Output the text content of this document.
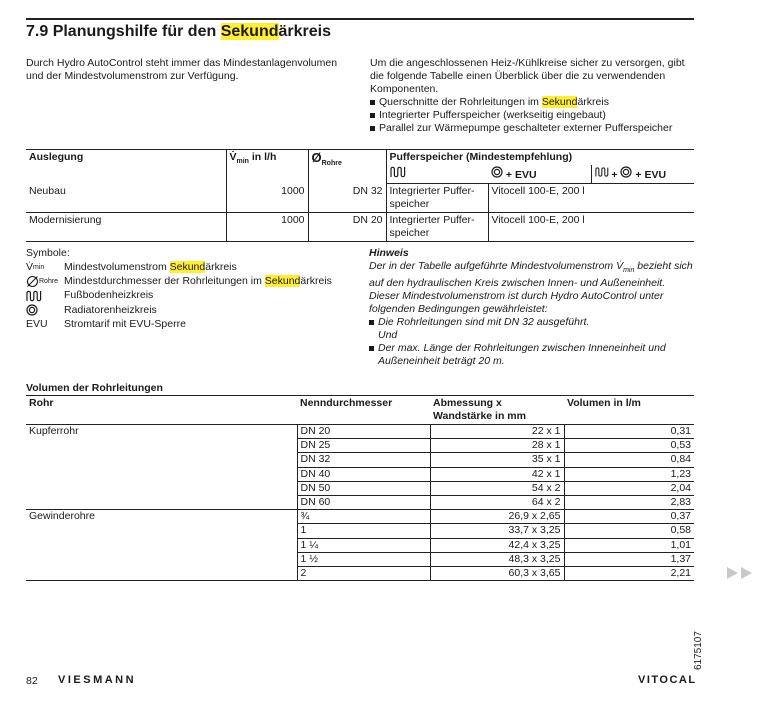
7.9 Planungshilfe für den Sekundärkreis

Durch Hydro AutoControl steht immer das Mindestanlagenvolumen und der Mindestvolumenstrom zur Verfügung.

Um die angeschlossenen Heiz-/Kühlkreise sicher zu versorgen, gibt die folgende Tabelle einen Überblick über die zu verwendenden Komponenten.

Querschnitte der Rohrleitungen im Sekundärkreis
Integrierter Pufferspeicher (werkseitig eingebaut)
Parallel zur Wärmepumpe geschalteter externer Pufferspeicher
Auslegung	$V̇_{min}$ in l/h	$Ø_{Rohre}$	Pufferspeicher (Mindestempfehlung)		
	+ EVU	+  + EVU
Neubau	1000	DN 32	Integrierter Puffer-speicher	Vitocell 100-E, 200 l	
Modernisierung	1000	DN 20	Integrierter Puffer-speicher	Vitocell 100-E, 200 l	
Symbole:
V̇ min Mindestvolumenstrom Sekundärkreis
Rohre Mindestdurchmesser der Rohrleitungen im Sekundärkreis
Fußbodenheizkreis
Radiatorenheizkreis
EVU	Stromtarif mit EVU-Sperre

Hinweis

Der in der Tabelle aufgeführte Mindestvolumenstrom $V̇_{min}$ bezieht sich auf den hydraulischen Kreis zwischen Innen- und Außeneinheit. Dieser Mindestvolumenstrom ist durch Hydro AutoControl unter folgenden Bedingungen gewährleistet:

Die Rohrleitungen sind mit DN 32 ausgeführt.
Und
Der max. Länge der Rohrleitungen zwischen Inneneinheit und Außeneinheit beträgt 20 m.

Volumen der Rohrleitungen

Rohr	Nenndurchmesser	Abmessung x Wandstärke in mm	Volumen in l/m
Kupferrohr	DN 20	22 x 1	0,31
	DN 25	28 x 1	0,53
	DN 32	35 x 1	0,84
	DN 40	42 x 1	1,23
	DN 50	54 x 2	2,04
	DN 60	64 x 2	2,83
Gewinderohre	¾	26,9 x 2,65	0,37
	1	33,7 x 3,25	0,58
	1 ¼	42,4 x 3,25	1,01
	1 ½	48,3 x 3,25	1,37
	2	60,3 x 3,65	2,21
6175107
82 VIESMANN	VITOCAL
